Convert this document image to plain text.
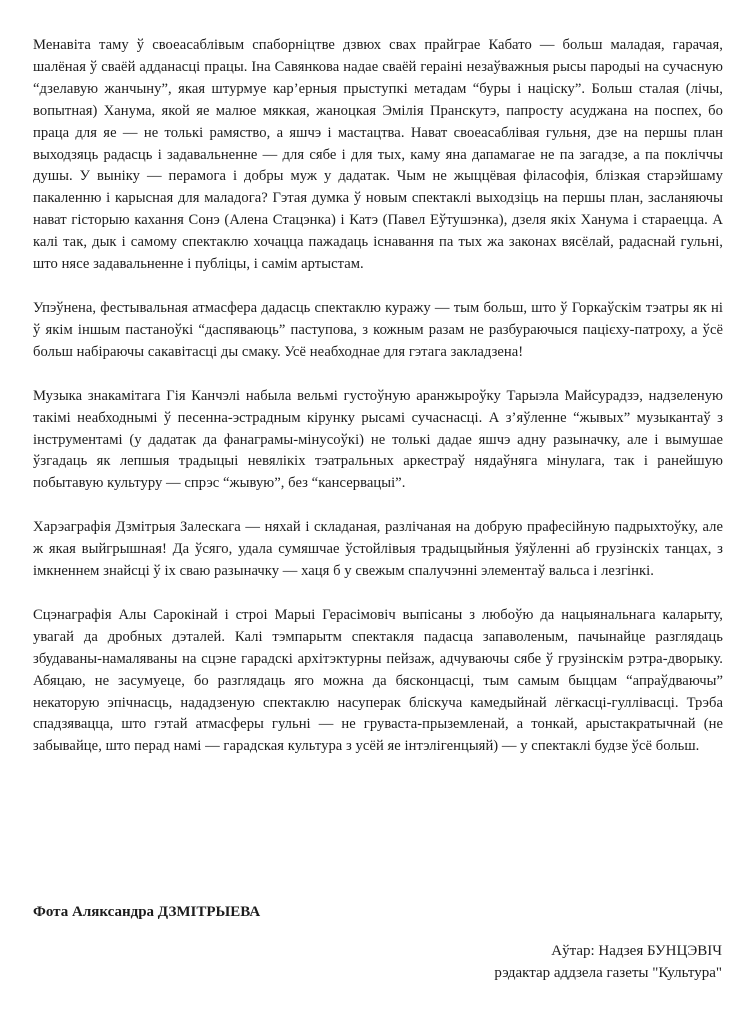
Менавіта таму ў своеасаблівым спаборніцтве дзвюх свах прайграе Кабато — больш маладая, гарачая, шалёная ў сваёй адданасці працы. Іна Савянкова надае сваёй гераіні незаўважныя рысы пародыі на сучасную “дзелавую жанчыну”, якая штурмуе кар’ерныя прыступкі метадам “буры і націску”. Больш сталая (лічы, вопытная) Ханума, якой яе малюе мяккая, жаноцкая Эмілія Пранскутэ, папросту асуджана на поспех, бо праца для яе — не толькі рамяство, а яшчэ і мастацтва. Нават своеасаблівая гульня, дзе на першы план выходзяць радасць і задавальненне — для сябе і для тых, каму яна дапамагае не па загадзе, а па покліччы душы. У выніку — перамога і добры муж у дадатак. Чым не жыццёвая філасофія, блізкая старэйшаму пакаленню і карысная для маладога? Гэтая думка ў новым спектаклі выходзіць на першы план, засланяючы нават гісторыю кахання Сонэ (Алена Стацэнка) і Катэ (Павел Еўтушэнка), дзеля якіх Ханума і стараецца. А калі так, дык і самому спектаклю хочацца пажадаць існавання па тых жа законах вясёлай, радаснай гульні, што нясе задавальненне і публіцы, і самім артыстам.

Упэўнена, фестывальная атмасфера дадасць спектаклю куражу — тым больш, што ў Горкаўскім тэатры як ні ў якім іншым пастаноўкі “даспяваюць” паступова, з кожным разам не разбураючыся пацієху-патроху, а ўсё больш набіраючы сакавітасці ды смаку. Усё неабходнае для гэтага закладзена!

Музыка знакамітага Гія Канчэлі набыла вельмі густоўную аранжыроўку Тарыэла Майсурадзэ, надзеленую такімі неабходнымі ў песенна-эстрадным кірунку рысамі сучаснасці. А з’яўленне “жывых” музыкантаў з інструментамі (у дадатак да фанаграмы-мінусоўкі) не толькі дадае яшчэ адну разыначку, але і вымушае ўзгадаць як лепшыя традыцыі невялікіх тэатральных аркестраў нядаўняга мінулага, так і ранейшую побытавую культуру — спрэс “жывую”, без “кансервацыі”.

Харэаграфія Дзмітрыя Залескага — няхай і складаная, разлічаная на добрую прафесійную падрыхтоўку, але ж якая выйгрышная! Да ўсяго, удала сумяшчае ўстойлівыя традыцыйныя ўяўленні аб грузінскіх танцах, з імкненнем знайсці ў іх сваю разыначку — хаця б у свежым спалучэнні элементаў вальса і лезгінкі.

Сцэнаграфія Алы Сарокінай і строі Марыі Герасімовіч выпісаны з любоўю да нацыянальнага каларыту, увагай да дробных дэталей. Калі тэмпарытм спектакля падасца запаволеным, пачынайце разглядаць збудаваны-намаляваны на сцэне гарадскі архітэктурны пейзаж, адчуваючы сябе ў грузінскім рэтра-дворыку. Абяцаю, не засумуеце, бо разглядаць яго можна да бясконцасці, тым самым быццам “апраўдваючы” некаторую эпічнасць, нададзеную спектаклю насуперак бліскуча камедыйнай лёгкасці-гуллівасці. Трэба спадзявацца, што гэтай атмасферы гульні — не груваста-прыземленай, а тонкай, арыстакратычнай (не забывайце, што перад намі — гарадская культура з усёй яе інтэлігенцыяй) — у спектаклі будзе ўсё больш.

Фота Аляксандра ДЗМІТРЫЕВА
Аўтар: Надзея БУНЦЭВІЧ
рэдактар аддзела газеты "Культура"
